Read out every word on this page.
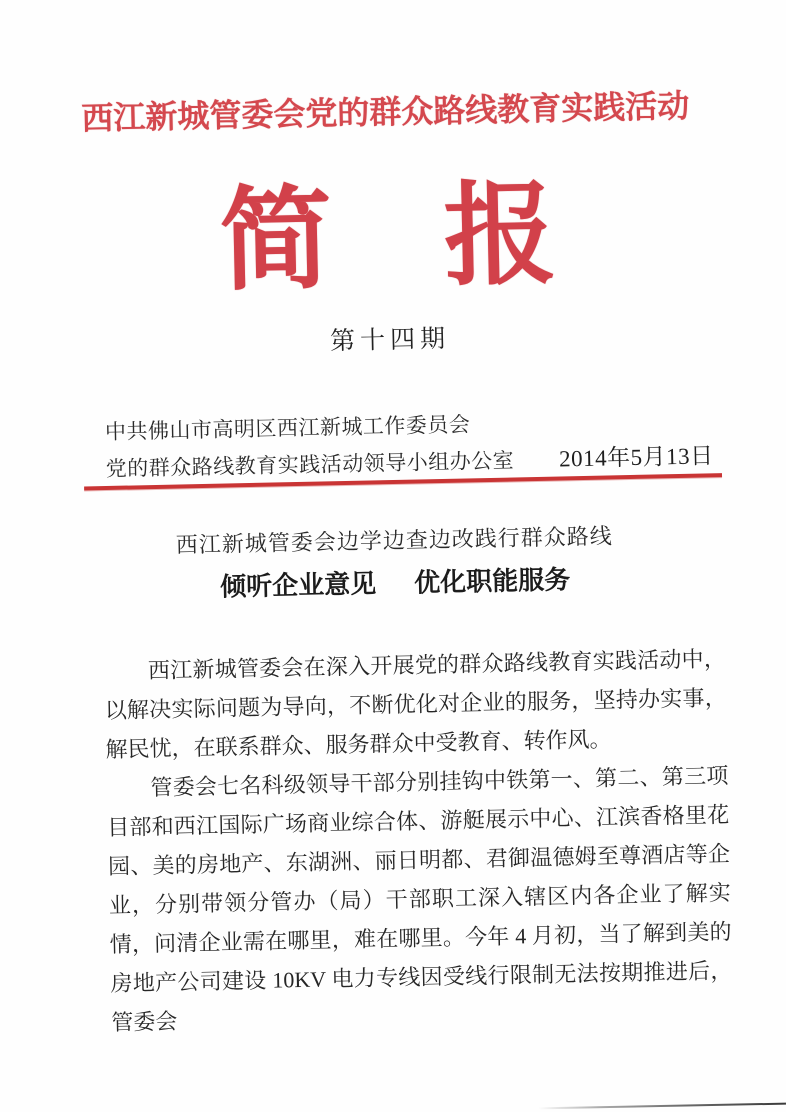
西江新城管委会党的群众路线教育实践活动
简 报
第十四期
中共佛山市高明区西江新城工作委员会
党的群众路线教育实践活动领导小组办公室 2014年5月13日
西江新城管委会边学边查边改践行群众路线
倾听企业意见 优化职能服务

西江新城管委会在深入开展党的群众路线教育实践活动中，以解决实际问题为导向，不断优化对企业的服务，坚持办实事，解民忧，在联系群众、服务群众中受教育、转作风。

管委会七名科级领导干部分别挂钩中铁第一、第二、第三项目部和西江国际广场商业综合体、游艇展示中心、江滨香格里花园、美的房地产、东湖洲、丽日明都、君御温德姆至尊酒店等企业，分别带领分管办（局）干部职工深入辖区内各企业了解实情，问清企业需在哪里，难在哪里。今年 4 月初，当了解到美的房地产公司建设 10KV 电力专线因受线行限制无法按期推进后，管委会
